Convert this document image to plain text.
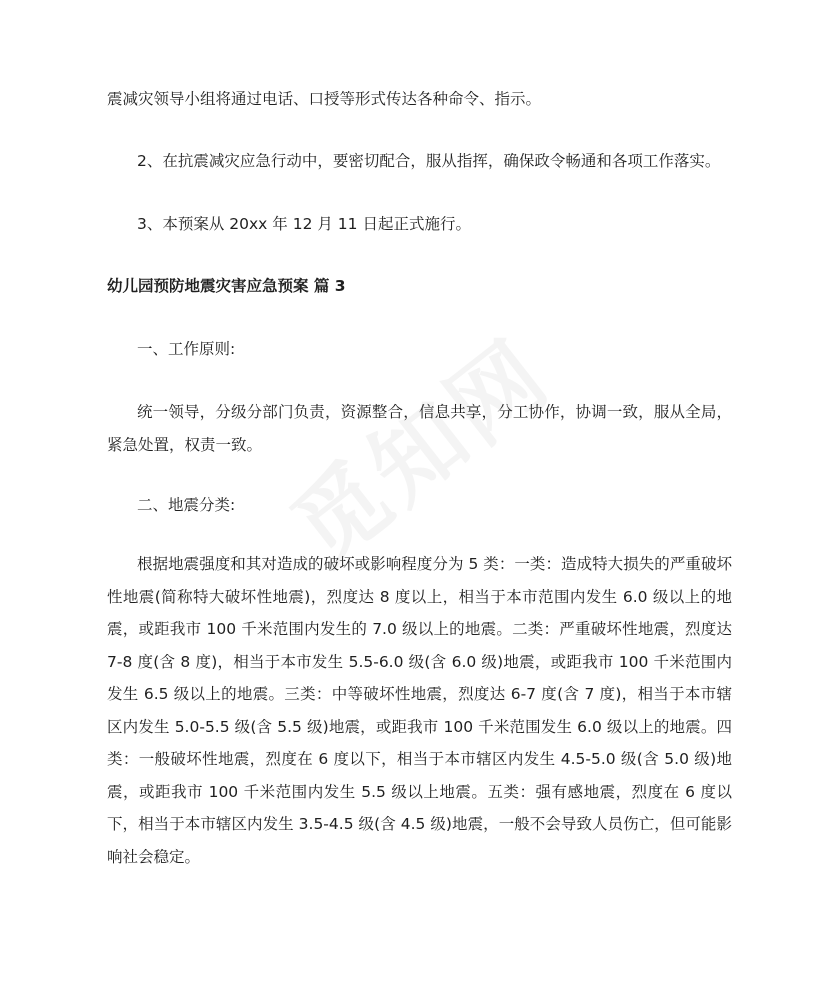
震减灾领导小组将通过电话、口授等形式传达各种命令、指示。

2、在抗震减灾应急行动中，要密切配合，服从指挥，确保政令畅通和各项工作落实。

3、本预案从 20xx 年 12 月 11 日起正式施行。

幼儿园预防地震灾害应急预案 篇 3

一、工作原则:

统一领导，分级分部门负责，资源整合，信息共享，分工协作，协调一致，服从全局，紧急处置，权责一致。

二、地震分类:

根据地震强度和其对造成的破坏或影响程度分为 5 类：一类：造成特大损失的严重破坏性地震(简称特大破坏性地震)，烈度达 8 度以上，相当于本市范围内发生 6.0 级以上的地震，或距我市 100 千米范围内发生的 7.0 级以上的地震。二类：严重破坏性地震，烈度达 7-8 度(含 8 度)，相当于本市发生 5.5-6.0 级(含 6.0 级)地震，或距我市 100 千米范围内发生 6.5 级以上的地震。三类：中等破坏性地震，烈度达 6-7 度(含 7 度)，相当于本市辖区内发生 5.0-5.5 级(含 5.5 级)地震，或距我市 100 千米范围发生 6.0 级以上的地震。四类：一般破坏性地震，烈度在 6 度以下，相当于本市辖区内发生 4.5-5.0 级(含 5.0 级)地震，或距我市 100 千米范围内发生 5.5 级以上地震。五类：强有感地震，烈度在 6 度以下，相当于本市辖区内发生 3.5-4.5 级(含 4.5 级)地震，一般不会导致人员伤亡，但可能影响社会稳定。
